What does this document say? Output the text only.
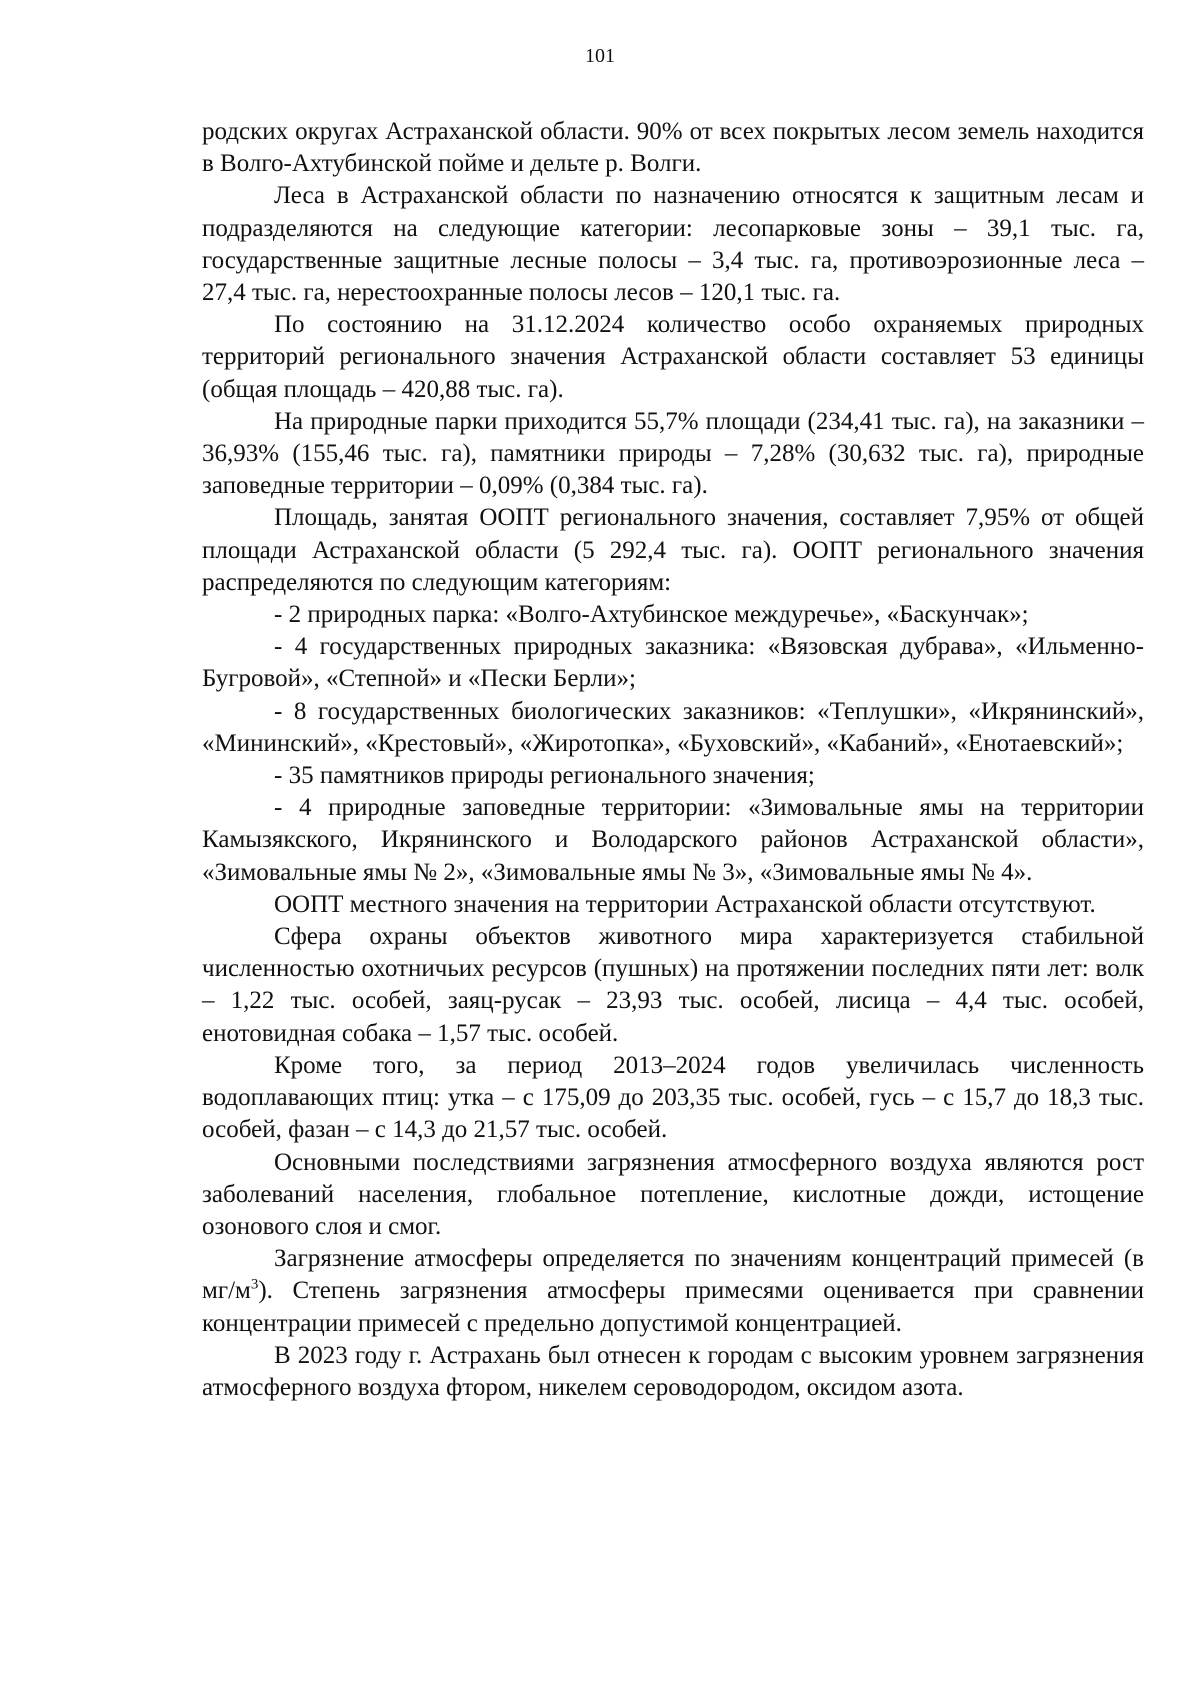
101

родских округах Астраханской области. 90% от всех покрытых лесом земель находится в Волго-Ахтубинской пойме и дельте р. Волги.

Леса в Астраханской области по назначению относятся к защитным лесам и подразделяются на следующие категории: лесопарковые зоны – 39,1 тыс. га, государственные защитные лесные полосы – 3,4 тыс. га, противоэрозионные леса – 27,4 тыс. га, нерестоохранные полосы лесов – 120,1 тыс. га.

По состоянию на 31.12.2024 количество особо охраняемых природных территорий регионального значения Астраханской области составляет 53 единицы (общая площадь – 420,88 тыс. га).

На природные парки приходится 55,7% площади (234,41 тыс. га), на заказники – 36,93% (155,46 тыс. га), памятники природы – 7,28% (30,632 тыс. га), природные заповедные территории – 0,09% (0,384 тыс. га).

Площадь, занятая ООПТ регионального значения, составляет 7,95% от общей площади Астраханской области (5 292,4 тыс. га). ООПТ регионального значения распределяются по следующим категориям:

- 2 природных парка: «Волго-Ахтубинское междуречье», «Баскунчак»;

- 4 государственных природных заказника: «Вязовская дубрава», «Ильменно-Бугровой», «Степной» и «Пески Берли»;

- 8 государственных биологических заказников: «Теплушки», «Икрянинский», «Мининский», «Крестовый», «Жиротопка», «Буховский», «Кабаний», «Енотаевский»;

- 35 памятников природы регионального значения;

- 4 природные заповедные территории: «Зимовальные ямы на территории Камызякского, Икрянинского и Володарского районов Астраханской области», «Зимовальные ямы № 2», «Зимовальные ямы № 3», «Зимовальные ямы № 4».

ООПТ местного значения на территории Астраханской области отсутствуют.

Сфера охраны объектов животного мира характеризуется стабильной численностью охотничьих ресурсов (пушных) на протяжении последних пяти лет: волк – 1,22 тыс. особей, заяц-русак – 23,93 тыс. особей, лисица – 4,4 тыс. особей, енотовидная собака – 1,57 тыс. особей.

Кроме того, за период 2013–2024 годов увеличилась численность водоплавающих птиц: утка – с 175,09 до 203,35 тыс. особей, гусь – с 15,7 до 18,3 тыс. особей, фазан – с 14,3 до 21,57 тыс. особей.

Основными последствиями загрязнения атмосферного воздуха являются рост заболеваний населения, глобальное потепление, кислотные дожди, истощение озонового слоя и смог.

Загрязнение атмосферы определяется по значениям концентраций примесей (в $мг/м^3$). Степень загрязнения атмосферы примесями оценивается при сравнении концентрации примесей с предельно допустимой концентрацией.

В 2023 году г. Астрахань был отнесен к городам с высоким уровнем загрязнения атмосферного воздуха фтором, никелем сероводородом, оксидом азота.
